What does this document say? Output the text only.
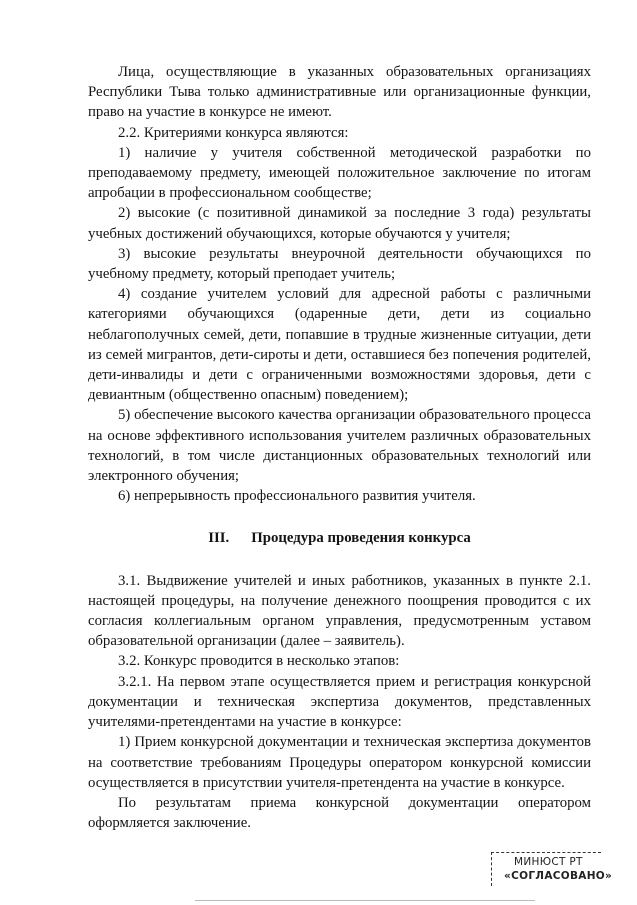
Лица, осуществляющие в указанных образовательных организациях Республики Тыва только административные или организационные функции, право на участие в конкурсе не имеют.

2.2. Критериями конкурса являются:

1) наличие у учителя собственной методической разработки по преподаваемому предмету, имеющей положительное заключение по итогам апробации в профессиональном сообществе;

2) высокие (с позитивной динамикой за последние 3 года) результаты учебных достижений обучающихся, которые обучаются у учителя;

3) высокие результаты внеурочной деятельности обучающихся по учебному предмету, который преподает учитель;

4) создание учителем условий для адресной работы с различными категориями обучающихся (одаренные дети, дети из социально неблагополучных семей, дети, попавшие в трудные жизненные ситуации, дети из семей мигрантов, дети-сироты и дети, оставшиеся без попечения родителей, дети-инвалиды и дети с ограниченными возможностями здоровья, дети с девиантным (общественно опасным) поведением);

5) обеспечение высокого качества организации образовательного процесса на основе эффективного использования учителем различных образовательных технологий, в том числе дистанционных образовательных технологий или электронного обучения;

6) непрерывность профессионального развития учителя.

III. Процедура проведения конкурса

3.1. Выдвижение учителей и иных работников, указанных в пункте 2.1. настоящей процедуры, на получение денежного поощрения проводится с их согласия коллегиальным органом управления, предусмотренным уставом образовательной организации (далее – заявитель).

3.2. Конкурс проводится в несколько этапов:

3.2.1. На первом этапе осуществляется прием и регистрация конкурсной документации и техническая экспертиза документов, представленных учителями-претендентами на участие в конкурсе:

1) Прием конкурсной документации и техническая экспертиза документов на соответствие требованиям Процедуры оператором конкурсной комиссии осуществляется в присутствии учителя-претендента на участие в конкурсе.

По результатам приема конкурсной документации оператором оформляется заключение.

МИНЮСТ РТ
«СОГЛАСОВАНО»
